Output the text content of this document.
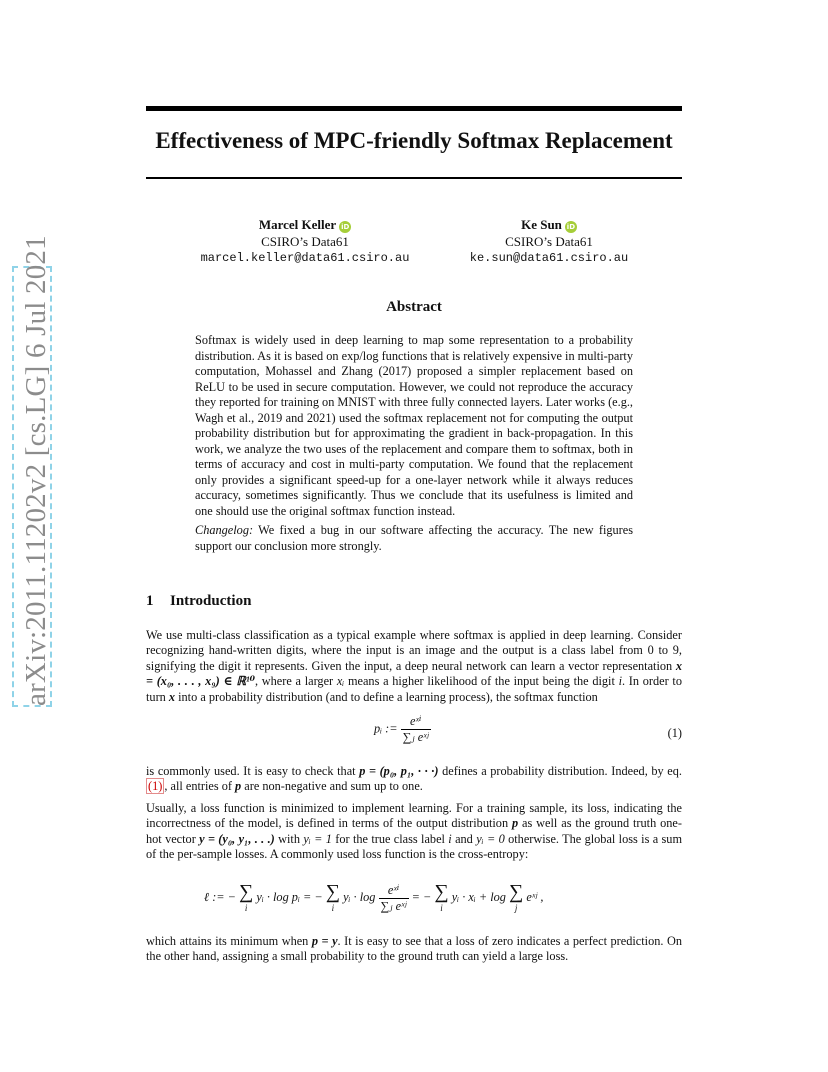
arXiv:2011.11202v2 [cs.LG] 6 Jul 2021
Effectiveness of MPC-friendly Softmax Replacement
Marcel Keller iD
CSIRO’s Data61
marcel.keller@data61.csiro.au
Ke Sun iD
CSIRO’s Data61
ke.sun@data61.csiro.au
Abstract

Softmax is widely used in deep learning to map some representation to a probability distribution. As it is based on exp/log functions that is relatively expensive in multi-party computation, Mohassel and Zhang (2017) proposed a simpler replacement based on ReLU to be used in secure computation. However, we could not reproduce the accuracy they reported for training on MNIST with three fully connected layers. Later works (e.g., Wagh et al., 2019 and 2021) used the softmax replacement not for computing the output probability distribution but for approximating the gradient in back-propagation. In this work, we analyze the two uses of the replacement and compare them to softmax, both in terms of accuracy and cost in multi-party computation. We found that the replacement only provides a significant speed-up for a one-layer network while it always reduces accuracy, sometimes significantly. Thus we conclude that its usefulness is limited and one should use the original softmax function instead.

Changelog: We fixed a bug in our software affecting the accuracy. The new figures support our conclusion more strongly.

1 Introduction

We use multi-class classification as a typical example where softmax is applied in deep learning. Consider recognizing hand-written digits, where the input is an image and the output is a class label from 0 to 9, signifying the digit it represents. Given the input, a deep neural network can learn a vector representation x = (x₀, . . . , x₉) ∈ ℝ¹⁰, where a larger xᵢ means a higher likelihood of the input being the digit i. In order to turn x into a probability distribution (and to define a learning process), the softmax function

pᵢ := $\frac{\text{eˣⁱ}}{\text{∑ⱼ eˣʲ}}$	(1)

is commonly used. It is easy to check that p = (p₀, p₁, · · ·) defines a probability distribution. Indeed, by eq. (1) , all entries of p are non-negative and sum up to one.

Usually, a loss function is minimized to implement learning. For a training sample, its loss, indicating the incorrectness of the model, is defined in terms of the output distribution p as well as the ground truth one-hot vector y = (y₀, y₁, . . .) with yᵢ = 1 for the true class label i and yᵢ = 0 otherwise. The global loss is a sum of the per-sample losses. A commonly used loss function is the cross-entropy:

ℓ := − ∑
i
yᵢ · log pᵢ = − ∑
i
yᵢ · $\log \frac{\text{eˣⁱ}}{\text{∑ⱼ eˣʲ}}$ = − ∑
i
yᵢ · xᵢ + log ∑
j
eˣʲ ,

which attains its minimum when p = y. It is easy to see that a loss of zero indicates a perfect prediction. On the other hand, assigning a small probability to the ground truth can yield a large loss.
